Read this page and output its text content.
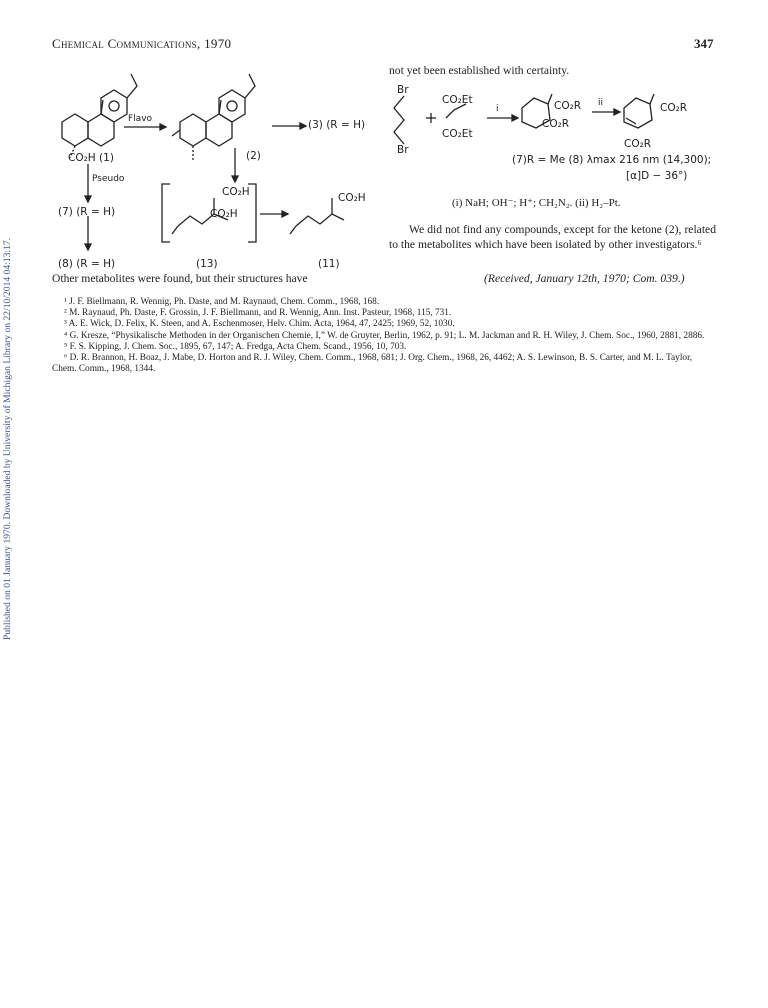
Chemical Communications, 1970	347
Published on 01 January 1970. Downloaded by University of Michigan Library on 22/10/2014 04:13:17.
Flavo
CO₂H (1)	(2)
(3) (R = H)
Pseudo
(7) (R = H)
(8) (R = H)	(13)	(11)
CO₂H
CO₂H
CO₂H
not yet been established with certainty.
Br
Br
CO₂Et
CO₂Et
i
ii
CO₂R
CO₂R
CO₂R
CO₂R
(7)R = Me (8) λmax 216 nm (14,300);
[α]D − 36°)
(i) NaH; OH⁻; H⁺; CH₂N₂. (ii) H₂–Pt.
We did not find any compounds, except for the ketone (2), related to the metabolites which have been isolated by other investigators.⁶
Other metabolites were found, but their structures have	(Received, January 12th, 1970; Com. 039.)

¹ J. F. Biellmann, R. Wennig, Ph. Daste, and M. Raynaud, Chem. Comm., 1968, 168.

² M. Raynaud, Ph. Daste, F. Grossin, J. F. Biellmann, and R. Wennig, Ann. Inst. Pasteur, 1968, 115, 731.

³ A. E. Wick, D. Felix, K. Steen, and A. Eschenmoser, Helv. Chim. Acta, 1964, 47, 2425; 1969, 52, 1030.

⁴ G. Kresze, “Physikalische Methoden in der Organischen Chemie, I,” W. de Gruyter, Berlin, 1962, p. 91; L. M. Jackman and R. H. Wiley, J. Chem. Soc., 1960, 2881, 2886.

⁵ F. S. Kipping, J. Chem. Soc., 1895, 67, 147; A. Fredga, Acta Chem. Scand., 1956, 10, 703.

⁶ D. R. Brannon, H. Boaz, J. Mabe, D. Horton and R. J. Wiley, Chem. Comm., 1968, 681; J. Org. Chem., 1968, 26, 4462; A. S. Lewinson, B. S. Carter, and M. L. Taylor, Chem. Comm., 1968, 1344.
